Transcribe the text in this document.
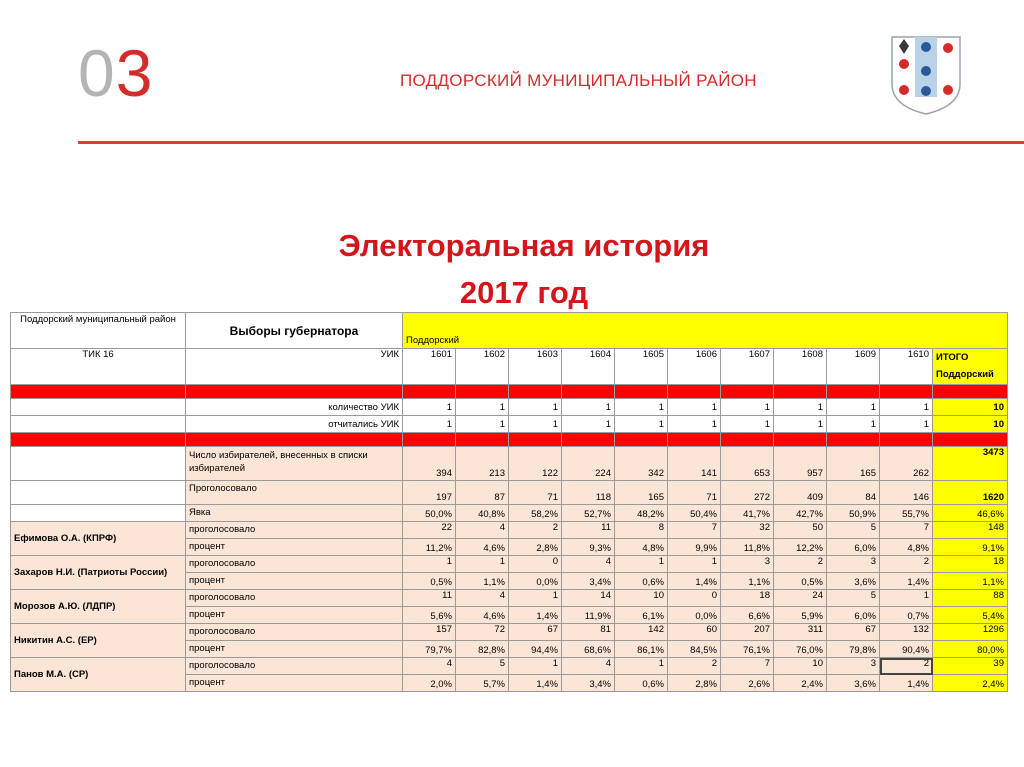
03	ПОДДОРСКИЙ МУНИЦИПАЛЬНЫЙ РАЙОН
Электоральная история
2017 год
Поддорский муниципальный район	Выборы губернатора	Поддорский										
ТИК 16	УИК	1601	1602	1603	1604	1605	1606	1607	1608	1609	1610	ИТОГО
Поддорский

	количество УИК	1	1	1	1	1	1	1	1	1	1	10
	отчитались УИК	1	1	1	1	1	1	1	1	1	1	10

	Число избирателей, внесенных в списки избирателей	394	213	122	224	342	141	653	957	165	262	3473
	Проголосовало	197	87	71	118	165	71	272	409	84	146	1620
	Явка	50,0%	40,8%	58,2%	52,7%	48,2%	50,4%	41,7%	42,7%	50,9%	55,7%	46,6%
Ефимова О.А. (КПРФ)	проголосовало	22	4	2	11	8	7	32	50	5	7	148
	процент	11,2%	4,6%	2,8%	9,3%	4,8%	9,9%	11,8%	12,2%	6,0%	4,8%	9,1%
Захаров Н.И. (Патриоты России)	проголосовало	1	1	0	4	1	1	3	2	3	2	18
	процент	0,5%	1,1%	0,0%	3,4%	0,6%	1,4%	1,1%	0,5%	3,6%	1,4%	1,1%
Морозов А.Ю. (ЛДПР)	проголосовало	11	4	1	14	10	0	18	24	5	1	88
	процент	5,6%	4,6%	1,4%	11,9%	6,1%	0,0%	6,6%	5,9%	6,0%	0,7%	5,4%
Никитин А.С. (ЕР)	проголосовало	157	72	67	81	142	60	207	311	67	132	1296
	процент	79,7%	82,8%	94,4%	68,6%	86,1%	84,5%	76,1%	76,0%	79,8%	90,4%	80,0%
Панов М.А. (СР)	проголосовало	4	5	1	4	1	2	7	10	3	2	39
	процент	2,0%	5,7%	1,4%	3,4%	0,6%	2,8%	2,6%	2,4%	3,6%	1,4%	2,4%
